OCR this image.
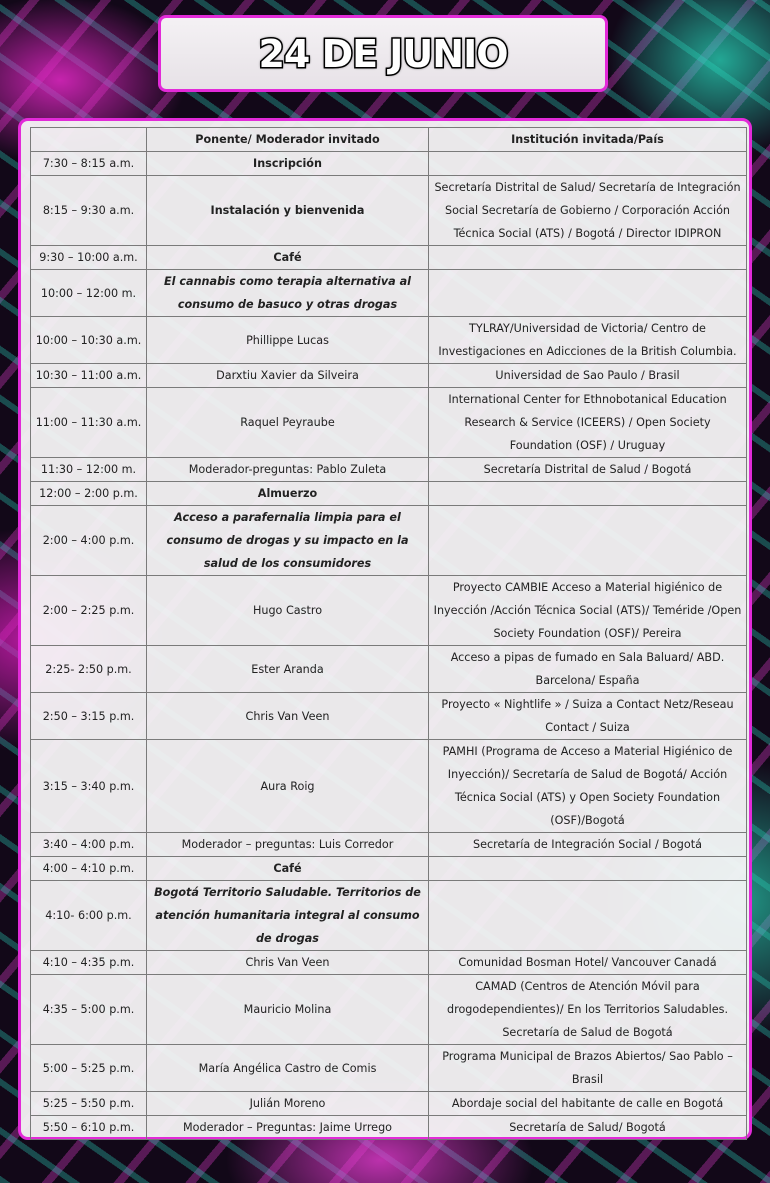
24 DE JUNIO
	Ponente/ Moderador invitado	Institución invitada/País
7:30 – 8:15 a.m.	Inscripción	
8:15 – 9:30 a.m.	Instalación y bienvenida	Secretaría Distrital de Salud/ Secretaría de Integración Social Secretaría de Gobierno / Corporación Acción Técnica Social (ATS) / Bogotá / Director IDIPRON
9:30 – 10:00 a.m.	Café	
10:00 – 12:00 m.	El cannabis como terapia alternativa al consumo de basuco y otras drogas	
10:00 – 10:30 a.m.	Phillippe Lucas	TYLRAY/Universidad de Victoria/ Centro de Investigaciones en Adicciones de la British Columbia.
10:30 – 11:00 a.m.	Darxtiu Xavier da Silveira	Universidad de Sao Paulo / Brasil
11:00 – 11:30 a.m.	Raquel Peyraube	International Center for Ethnobotanical Education Research & Service (ICEERS) / Open Society Foundation (OSF) / Uruguay
11:30 – 12:00 m.	Moderador-preguntas: Pablo Zuleta	Secretaría Distrital de Salud / Bogotá
12:00 – 2:00 p.m.	Almuerzo	
2:00 – 4:00 p.m.	Acceso a parafernalia limpia para el consumo de drogas y su impacto en la salud de los consumidores	
2:00 – 2:25 p.m.	Hugo Castro	Proyecto CAMBIE Acceso a Material higiénico de Inyección /Acción Técnica Social (ATS)/ Teméride /Open Society Foundation (OSF)/ Pereira
2:25- 2:50 p.m.	Ester Aranda	Acceso a pipas de fumado en Sala Baluard/ ABD. Barcelona/ España
2:50 – 3:15 p.m.	Chris Van Veen	Proyecto « Nightlife » / Suiza a Contact Netz/Reseau Contact / Suiza
3:15 – 3:40 p.m.	Aura Roig	PAMHI (Programa de Acceso a Material Higiénico de Inyección)/ Secretaría de Salud de Bogotá/ Acción Técnica Social (ATS) y Open Society Foundation (OSF)/Bogotá
3:40 – 4:00 p.m.	Moderador – preguntas: Luis Corredor	Secretaría de Integración Social / Bogotá
4:00 – 4:10 p.m.	Café	
4:10- 6:00 p.m.	Bogotá Territorio Saludable. Territorios de atención humanitaria integral al consumo de drogas	
4:10 – 4:35 p.m.	Chris Van Veen	Comunidad Bosman Hotel/ Vancouver Canadá
4:35 – 5:00 p.m.	Mauricio Molina	CAMAD (Centros de Atención Móvil para drogodependientes)/ En los Territorios Saludables. Secretaría de Salud de Bogotá
5:00 – 5:25 p.m.	María Angélica Castro de Comis	Programa Municipal de Brazos Abiertos/ Sao Pablo – Brasil
5:25 – 5:50 p.m.	Julián Moreno	Abordaje social del habitante de calle en Bogotá
5:50 – 6:10 p.m.	Moderador – Preguntas: Jaime Urrego	Secretaría de Salud/ Bogotá
